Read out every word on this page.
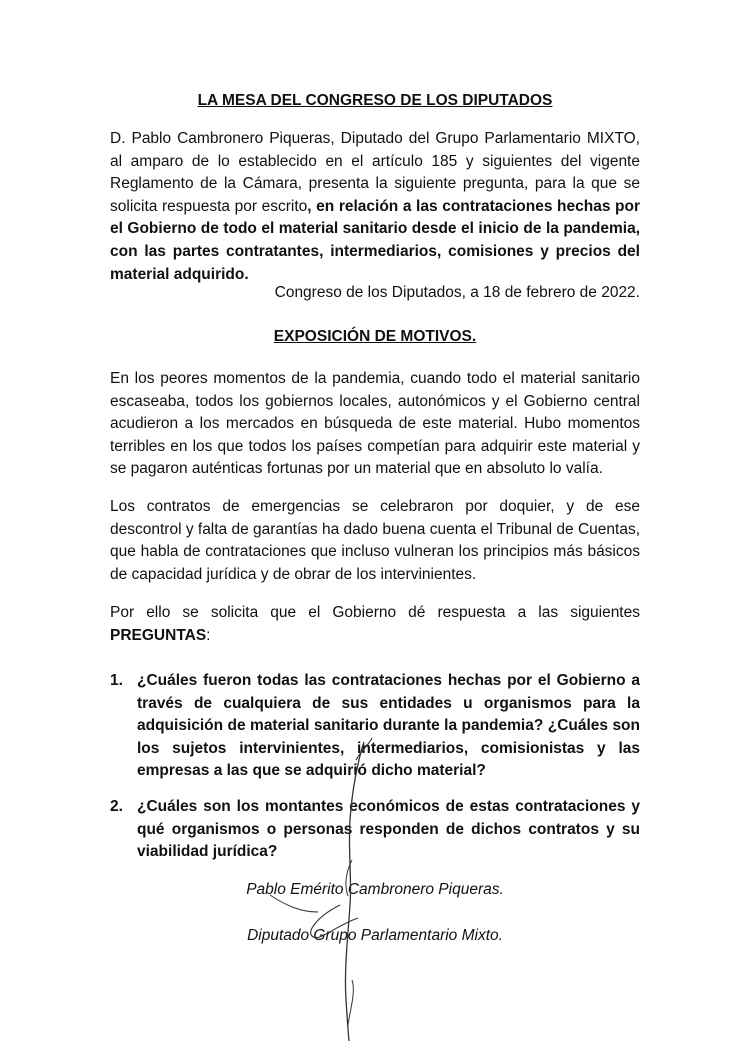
LA MESA DEL CONGRESO DE LOS DIPUTADOS
D. Pablo Cambronero Piqueras, Diputado del Grupo Parlamentario MIXTO, al amparo de lo establecido en el artículo 185 y siguientes del vigente Reglamento de la Cámara, presenta la siguiente pregunta, para la que se solicita respuesta por escrito, en relación a las contrataciones hechas por el Gobierno de todo el material sanitario desde el inicio de la pandemia, con las partes contratantes, intermediarios, comisiones y precios del material adquirido.
Congreso de los Diputados, a 18 de febrero de 2022.
EXPOSICIÓN DE MOTIVOS.
En los peores momentos de la pandemia, cuando todo el material sanitario escaseaba, todos los gobiernos locales, autonómicos y el Gobierno central acudieron a los mercados en búsqueda de este material. Hubo momentos terribles en los que todos los países competían para adquirir este material y se pagaron auténticas fortunas por un material que en absoluto lo valía.
Los contratos de emergencias se celebraron por doquier, y de ese descontrol y falta de garantías ha dado buena cuenta el Tribunal de Cuentas, que habla de contrataciones que incluso vulneran los principios más básicos de capacidad jurídica y de obrar de los intervinientes.
Por ello se solicita que el Gobierno dé respuesta a las siguientes PREGUNTAS:
1. ¿Cuáles fueron todas las contrataciones hechas por el Gobierno a través de cualquiera de sus entidades u organismos para la adquisición de material sanitario durante la pandemia? ¿Cuáles son los sujetos intervinientes, intermediarios, comisionistas y las empresas a las que se adquirió dicho material?
2. ¿Cuáles son los montantes económicos de estas contrataciones y qué organismos o personas responden de dichos contratos y su viabilidad jurídica?
Pablo Emérito Cambronero Piqueras.
Diputado Grupo Parlamentario Mixto.
